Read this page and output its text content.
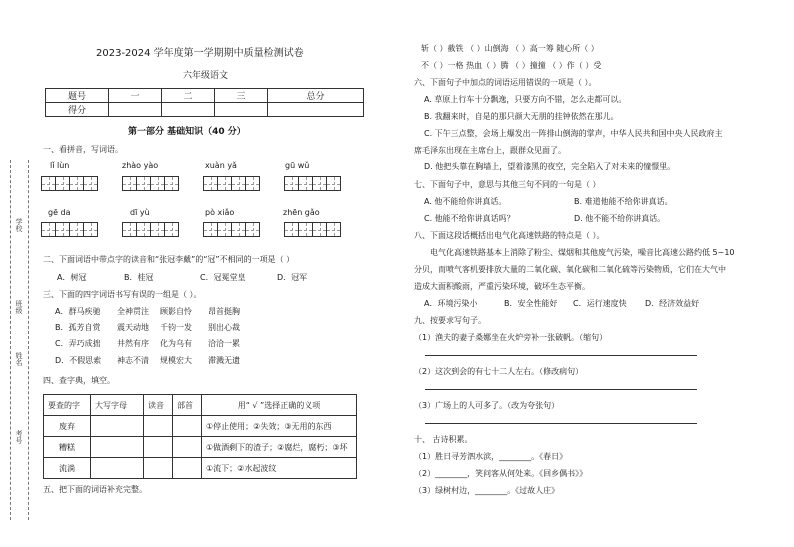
学校
班级
姓名
考号
2023-2024 学年度第一学期期中质量检测试卷
六年级语文
题号	一	二	三	总分
得分				
第一部分 基础知识（40 分）
一、看拼音，写词语。
lǐ lùn	zhào yào	xuàn yǎ	gū wǔ
gē da	dī yù	pò xiǎo	zhēn gǎo
二、下面词语中带点字的读音和“张冠李戴”的“冠”不相同的一项是（ ）
A．树冠	B．桂冠	C．冠冕堂皇	D．冠军
三、下面的四字词语书写有误的一组是（ ）。
A．群马疾驰 全神贯注 顾影自怜 昂首挺胸
B．孤芳自赏 震天动地 千钧一发 别出心裁
C．弄巧成拙 井然有序 化为乌有 洽洽一累
D．不假思索 神志不清 规模宏大 滞溅无遗
四、查字典，填空。
要查的字	大写字母	读音	部首	用“ √ ”选择正确的义项
废弃				①停止使用；②失效；③无用的东西
糟糕				①做酒剩下的渣子；②腐烂，腐朽；③坏
流淌				①流下；②水起波纹
五、把下面的词语补充完整。
斩（ ）截铁 （ ）山倒海 （ ）高一筹 随心所（ ）
不（ ）一格 热血（ ）腾 （ ）撞撞 （ ）作（ ）受
六、下面句子中加点的词语运用错误的一项是（ ）。
A. 草原上行车十分飘逸，只要方向不错，怎么走都可以。
B. 我翻来时，自是的那只颜大无朋的挂钟依然在那儿。
C. 下午三点整，会场上爆发出一阵排山倒海的掌声，中华人民共和国中央人民政府主
席毛泽东出现在主席台上，跟群众见面了。
D. 他把头靠在胸墙上，望着漆黑的夜空，完全陷入了对未来的憧憬里。
七、下面句子中，意思与其他三句不同的一句是（ ）
A. 他不能给你讲真话。	B. 难道他能不给你讲真话。
C. 他能不给你讲真话吗？	D. 他不能不给你讲真话。
八、下面这段话概括出电气化高速铁路的特点是（ ）。
电气化高速铁路基本上消除了粉尘、煤烟和其他废气污染，噪音比高速公路约低 5~10
分贝，而喷气客机要排放大量的二氧化碳、氧化碳和二氧化硫等污染物质，它们在大气中
造成大面积酸雨，严重污染环境，破坏生态平衡。
A．环境污染小	B．安全性能好 C．运行速度快 D．经济效益好
九、按要求写句子。
（1）渔夫的妻子桑娜坐在火炉旁补一张破帆。（缩句）
（2）这次到会的有七十二人左右。（修改病句）
（3）广场上的人可多了。（改为夸张句）
十、 古诗积累。
（1）胜日寻芳泗水滨，________。《春日》
（2）________，笑问客从何处来。《回乡偶书》》
（3）绿树村边，________。《过故人庄》
